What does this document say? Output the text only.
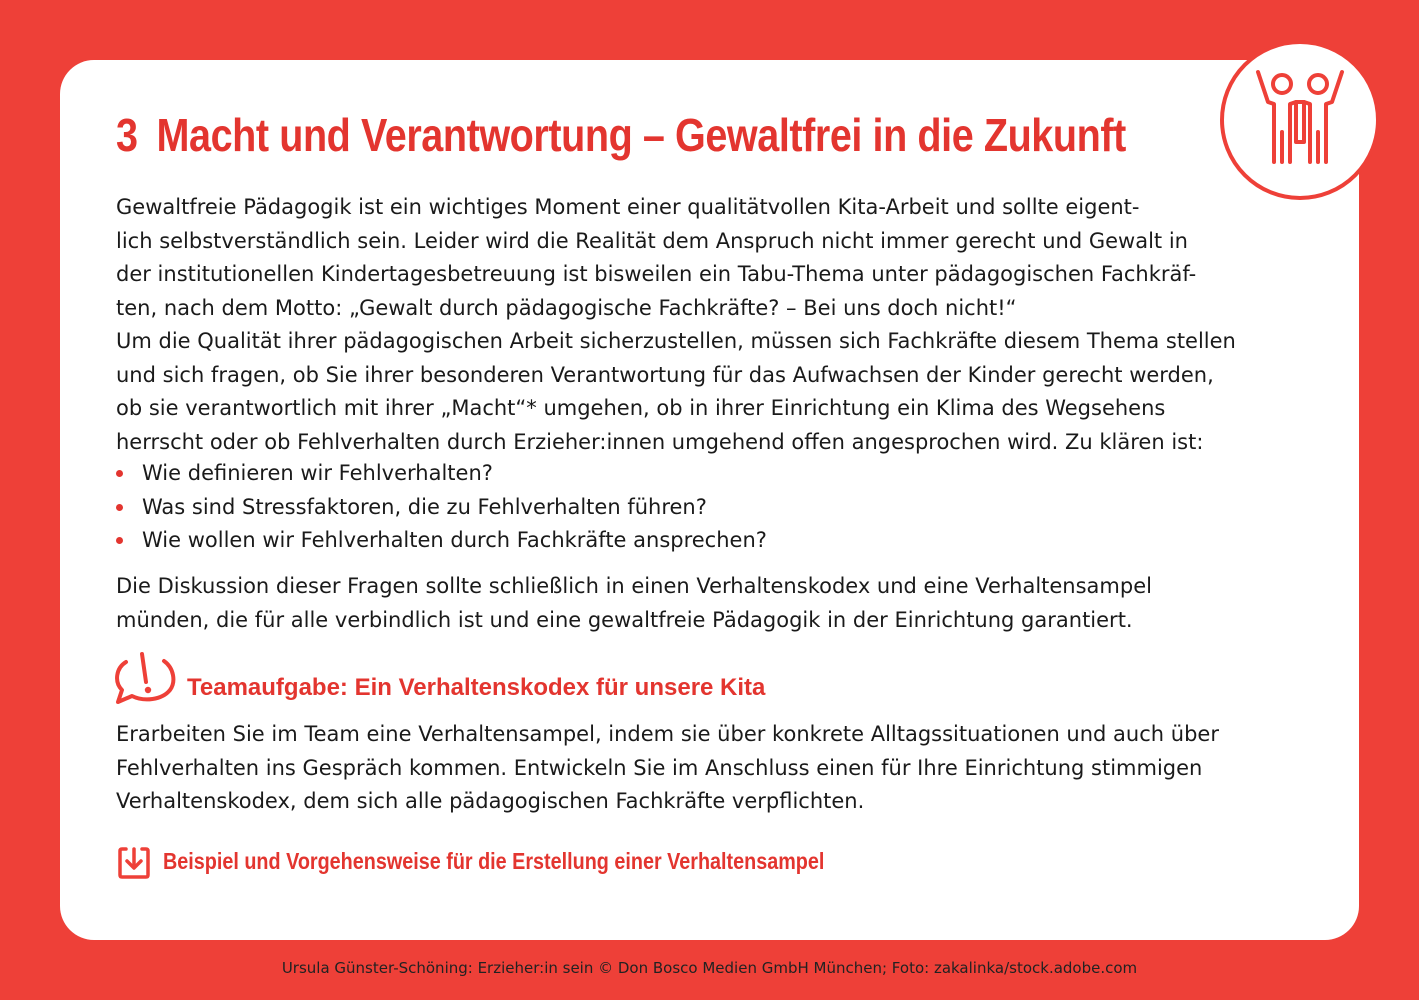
3 Macht und Verantwortung – Gewaltfrei in die Zukunft
Gewaltfreie Pädagogik ist ein wichtiges Moment einer qualitätvollen Kita-Arbeit und sollte eigent-
lich selbstverständlich sein. Leider wird die Realität dem Anspruch nicht immer gerecht und Gewalt in
der institutionellen Kindertagesbetreuung ist bisweilen ein Tabu-Thema unter pädagogischen Fachkräf-
ten, nach dem Motto: „Gewalt durch pädagogische Fachkräfte? – Bei uns doch nicht!“
Um die Qualität ihrer pädagogischen Arbeit sicherzustellen, müssen sich Fachkräfte diesem Thema stellen
und sich fragen, ob Sie ihrer besonderen Verantwortung für das Aufwachsen der Kinder gerecht werden,
ob sie verantwortlich mit ihrer „Macht“* umgehen, ob in ihrer Einrichtung ein Klima des Wegsehens
herrscht oder ob Fehlverhalten durch Erzieher:innen umgehend offen angesprochen wird. Zu klären ist:
Wie definieren wir Fehlverhalten?
Was sind Stressfaktoren, die zu Fehlverhalten führen?
Wie wollen wir Fehlverhalten durch Fachkräfte ansprechen?
Die Diskussion dieser Fragen sollte schließlich in einen Verhaltenskodex und eine Verhaltensampel
münden, die für alle verbindlich ist und eine gewaltfreie Pädagogik in der Einrichtung garantiert.
Teamaufgabe: Ein Verhaltenskodex für unsere Kita
Erarbeiten Sie im Team eine Verhaltensampel, indem sie über konkrete Alltagssituationen und auch über
Fehlverhalten ins Gespräch kommen. Entwickeln Sie im Anschluss einen für Ihre Einrichtung stimmigen
Verhaltenskodex, dem sich alle pädagogischen Fachkräfte verpflichten.
Beispiel und Vorgehensweise für die Erstellung einer Verhaltensampel

Ursula Günster-Schöning: Erzieher:in sein © Don Bosco Medien GmbH München; Foto: zakalinka/stock.adobe.com
